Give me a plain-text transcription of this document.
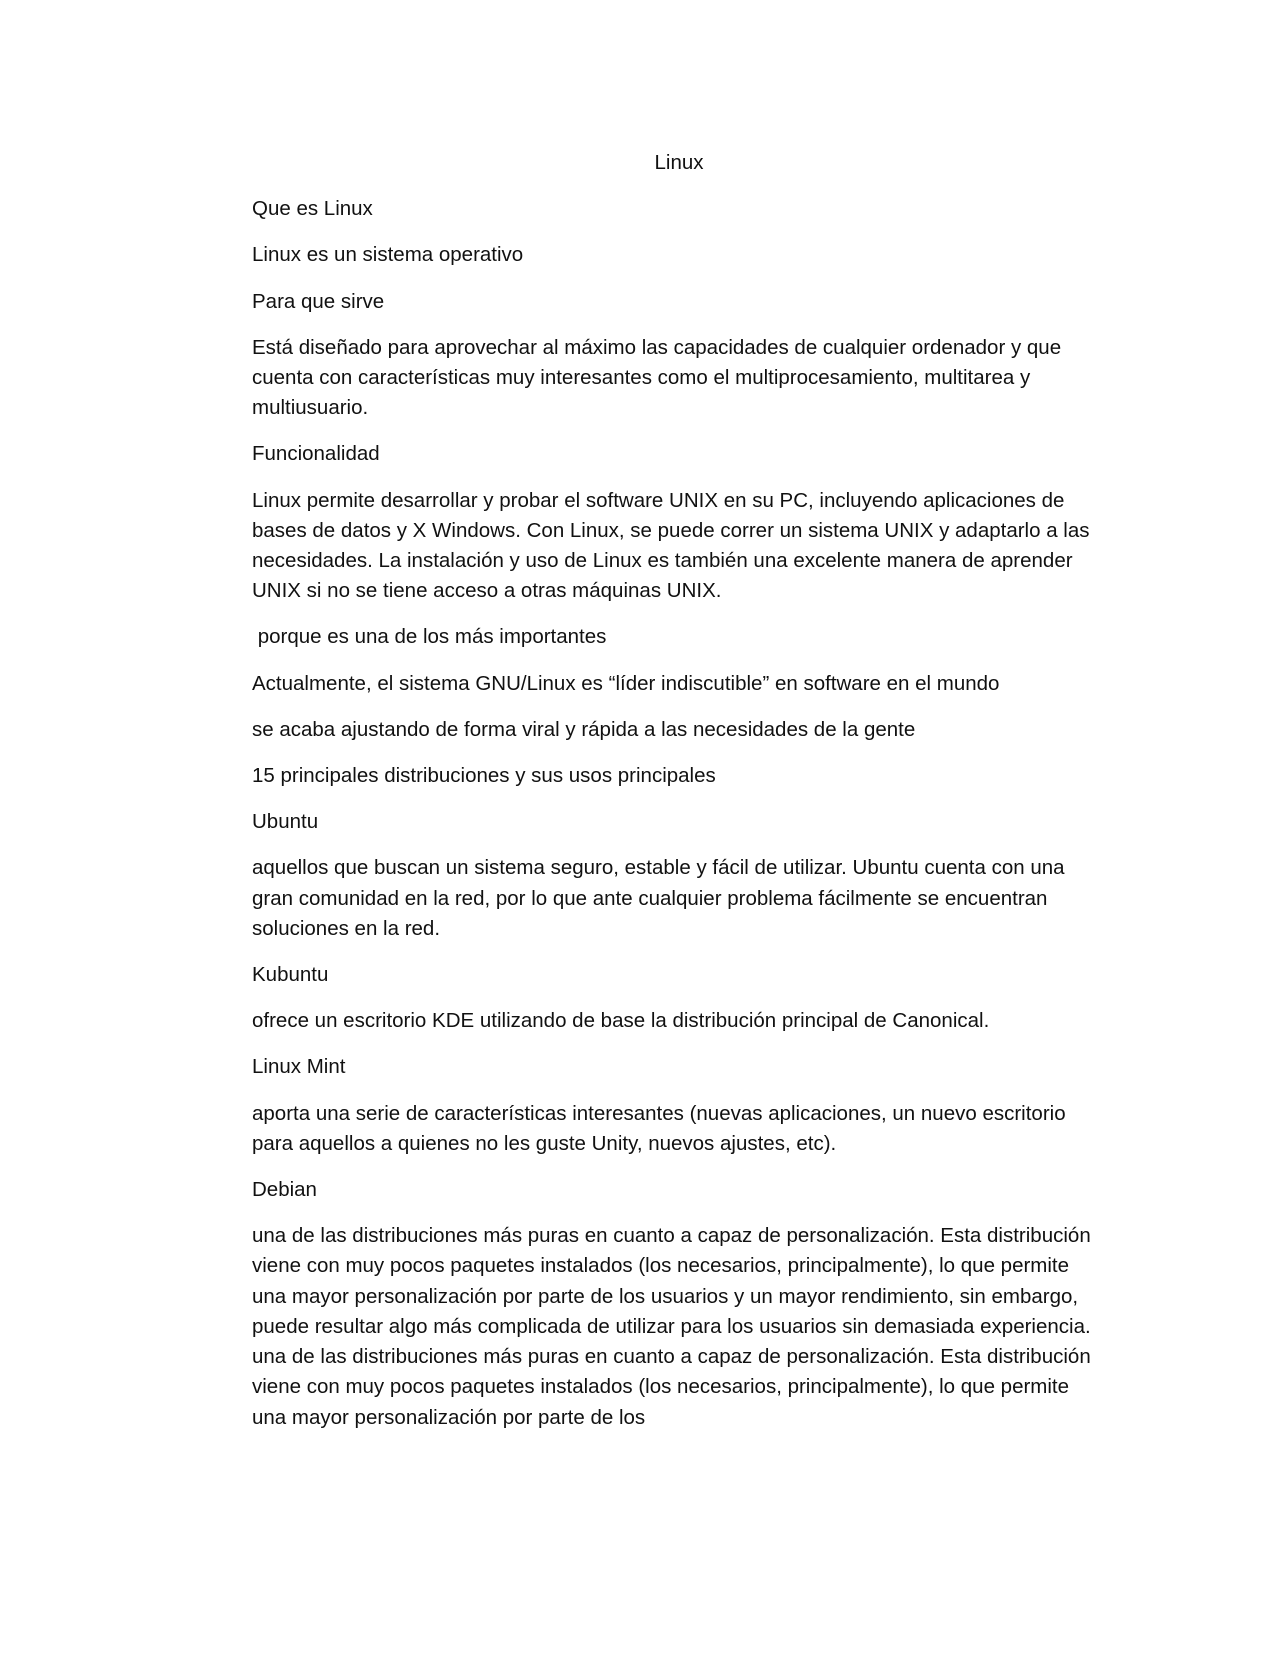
Linux

Que es Linux

Linux es un sistema operativo

Para que sirve

Está diseñado para aprovechar al máximo las capacidades de cualquier ordenador y que cuenta con características muy interesantes como el multiprocesamiento, multitarea y multiusuario.

Funcionalidad

Linux permite desarrollar y probar el software UNIX en su PC, incluyendo aplicaciones de bases de datos y X Windows. Con Linux, se puede correr un sistema UNIX y adaptarlo a las necesidades. La instalación y uso de Linux es también una excelente manera de aprender UNIX si no se tiene acceso a otras máquinas UNIX.

porque es una de los más importantes

Actualmente, el sistema GNU/Linux es “líder indiscutible” en software en el mundo

se acaba ajustando de forma viral y rápida a las necesidades de la gente

15 principales distribuciones y sus usos principales

Ubuntu

aquellos que buscan un sistema seguro, estable y fácil de utilizar. Ubuntu cuenta con una gran comunidad en la red, por lo que ante cualquier problema fácilmente se encuentran soluciones en la red.

Kubuntu

ofrece un escritorio KDE utilizando de base la distribución principal de Canonical.

Linux Mint

aporta una serie de características interesantes (nuevas aplicaciones, un nuevo escritorio para aquellos a quienes no les guste Unity, nuevos ajustes, etc).

Debian

una de las distribuciones más puras en cuanto a capaz de personalización. Esta distribución viene con muy pocos paquetes instalados (los necesarios, principalmente), lo que permite una mayor personalización por parte de los usuarios y un mayor rendimiento, sin embargo, puede resultar algo más complicada de utilizar para los usuarios sin demasiada experiencia. una de las distribuciones más puras en cuanto a capaz de personalización. Esta distribución viene con muy pocos paquetes instalados (los necesarios, principalmente), lo que permite una mayor personalización por parte de los
